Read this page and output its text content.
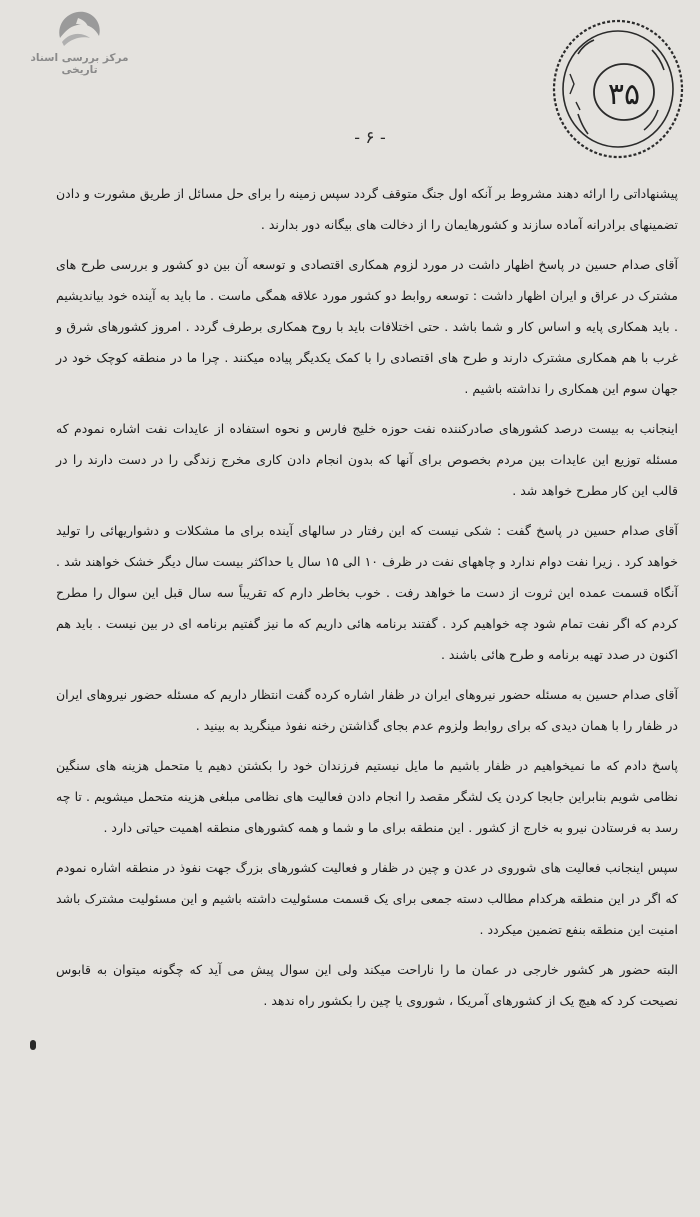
مرکز بررسی اسناد تاریخی
۳۵
- ۶ -

پیشنهاداتی را ارائه دهند مشروط بر آنکه اول جنگ متوقف گردد سپس زمینه را برای حل مسائل از طریق مشورت و دادن تضمینهای برادرانه آماده سازند و کشورهایمان را از دخالت های بیگانه دور بدارند .

آقای صدام حسین در پاسخ اظهار داشت در مورد لزوم همکاری اقتصادی و توسعه آن بین دو کشور و بررسی طرح های مشترک در عراق و ایران اظهار داشت : توسعه روابط دو کشور مورد علاقه همگی ماست . ما باید به آینده خود بیاندیشیم . باید همکاری پایه و اساس کار و شما باشد . حتی اختلافات باید با روح همکاری برطرف گردد . امروز کشورهای شرق و غرب با هم همکاری مشترک دارند و طرح های اقتصادی را با کمک یکدیگر پیاده میکنند . چرا ما در منطقه کوچک خود در جهان سوم این همکاری را نداشته باشیم .

اینجانب به بیست درصد کشورهای صادرکننده نفت حوزه خلیج فارس و نحوه استفاده از عایدات نفت اشاره نمودم که مسئله توزیع این عایدات بین مردم بخصوص برای آنها که بدون انجام دادن کاری مخرج زندگی را در دست دارند را در قالب این کار مطرح خواهد شد .

آقای صدام حسین در پاسخ گفت : شکی نیست که این رفتار در سالهای آینده برای ما مشکلات و دشواریهائی را تولید خواهد کرد . زیرا نفت دوام ندارد و چاههای نفت در ظرف ۱۰ الی ۱۵ سال یا حداکثر بیست سال دیگر خشک خواهند شد . آنگاه قسمت عمده این ثروت از دست ما خواهد رفت . خوب بخاطر دارم که تقریباً سه سال قبل این سوال را مطرح کردم که اگر نفت تمام شود چه خواهیم کرد . گفتند برنامه هائی داریم که ما نیز گفتیم برنامه ای در بین نیست . باید هم اکنون در صدد تهیه برنامه و طرح هائی باشند .

آقای صدام حسین به مسئله حضور نیروهای ایران در ظفار اشاره کرده گفت انتظار داریم که مسئله حضور نیروهای ایران در ظفار را با همان دیدی که برای روابط ولزوم عدم بجای گذاشتن رخنه نفوذ مینگرید به بینید .

پاسخ دادم که ما نمیخواهیم در ظفار باشیم ما مایل نیستیم فرزندان خود را بکشتن دهیم یا متحمل هزینه های سنگین نظامی شویم بنابراین جابجا کردن یک لشگر مقصد را انجام دادن فعالیت های نظامی مبلغی هزینه متحمل میشویم . تا چه رسد به فرستادن نیرو به خارج از کشور . این منطقه برای ما و شما و همه کشورهای منطقه اهمیت حیاتی دارد .

سپس اینجانب فعالیت های شوروی در عدن و چین در ظفار و فعالیت کشورهای بزرگ جهت نفوذ در منطقه اشاره نمودم که اگر در این منطقه هرکدام مطالب دسته جمعی برای یک قسمت مسئولیت داشته باشیم و این مسئولیت مشترک باشد امنیت این منطقه بنفع تضمین میکردد .

البته حضور هر کشور خارجی در عمان ما را ناراحت میکند ولی این سوال پیش می آید که چگونه میتوان به قابوس نصیحت کرد که هیچ یک از کشورهای آمریکا ، شوروی یا چین را بکشور راه ندهد .
